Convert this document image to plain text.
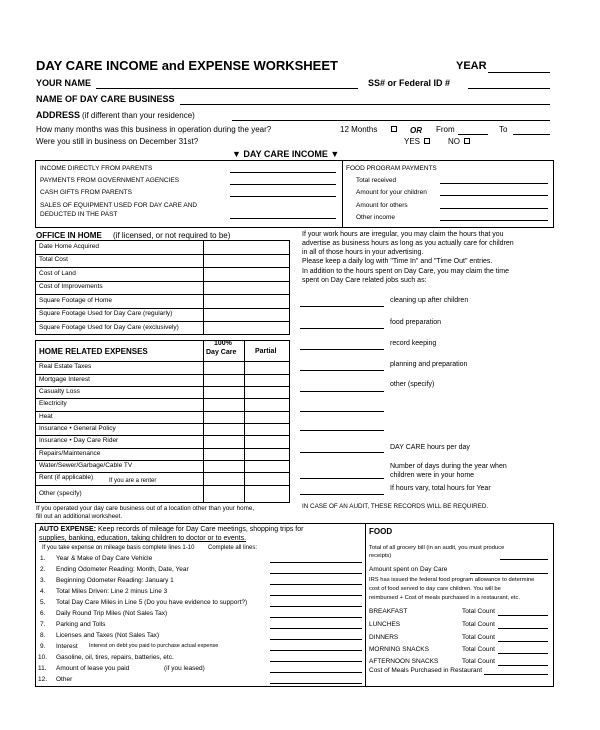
DAY CARE INCOME and EXPENSE WORKSHEET	YEAR
YOUR NAME	SS# or Federal ID #
NAME OF DAY CARE BUSINESS
ADDRESS (if different than your residence)
How many months was this business in operation during the year?	12 Months	OR From	To
Were you still in business on December 31st?	YES	NO
▼ DAY CARE INCOME ▼
INCOME DIRECTLY FROM PARENTS
PAYMENTS FROM GOVERNMENT AGENCIES
CASH GIFTS FROM PARENTS
SALES OF EQUIPMENT USED FOR DAY CARE AND
DEDUCTED IN THE PAST
FOOD PROGRAM PAYMENTS
Total received
Amount for your children
Amount for others
Other income
OFFICE IN HOME (if licensed, or not required to be)
Date Home Acquired
Total Cost
Cost of Land
Cost of Improvements
Square Footage of Home
Square Footage Used for Day Care (regularly)
Square Footage Used for Day Care (exclusively)
If your work hours are irregular, you may claim the hours that you
advertise as business hours as long as you actually care for children
in all of those hours in your advertising.
Please keep a daily log with "Time In" and "Time Out" entries.
In addition to the hours spent on Day Care, you may claim the time
spent on Day Care related jobs such as:
cleaning up after children
food preparation
record keeping
planning and preparation
other (specify)
DAY CARE hours per day
Number of days during the year when
children were in your home
If hours vary, total hours for Year
IN CASE OF AN AUDIT, THESE RECORDS WILL BE REQUIRED.
HOME RELATED EXPENSES
100%
Day Care	Partial
Real Estate Taxes
Mortgage Interest
Casualty Loss
Electricity
Heat
Insurance • General Policy
Insurance • Day Care Rider
Repairs/Maintenance
Water/Sewer/Garbage/Cable TV
Rent (if applicable)	If you are a renter
Other (specify)
If you operated your day care business out of a location other than your home,
fill out an additional worksheet.
AUTO EXPENSE: Keep records of mileage for Day Care meetings, shopping trips for
supplies, banking, education, taking children to doctor or to events.
If you take expense on mileage basis complete lines 1-10 Complete all lines:
1. Year & Make of Day Care Vehicle
2. Ending Odometer Reading: Month, Date, Year
3. Beginning Odometer Reading: January 1
4. Total Miles Driven: Line 2 minus Line 3
5. Total Day Care Miles in Line 5 (Do you have evidence to support?)
6. Daily Round Trip Miles (Not Sales Tax)
7. Parking and Tolls
8. Licenses and Taxes (Not Sales Tax)
9. Interest Interest on debt you paid to purchase actual expense
10. Gasoline, oil, tires, repairs, batteries, etc.
11. Amount of lease you paid	(if you leased)
12. Other
FOOD
Total of all grocery bill (in an audit, you must produce
receipts)
Amount spent on Day Care
IRS has issued the federal food program allowance to determine
cost of food served to day care children. You will be
reimbursed + Cost of meals purchased in a restaurant, etc.
BREAKFAST	Total Count
LUNCHES	Total Count
DINNERS	Total Count
MORNING SNACKS	Total Count
AFTERNOON SNACKS	Total Count
Cost of Meals Purchased in Restaurant
